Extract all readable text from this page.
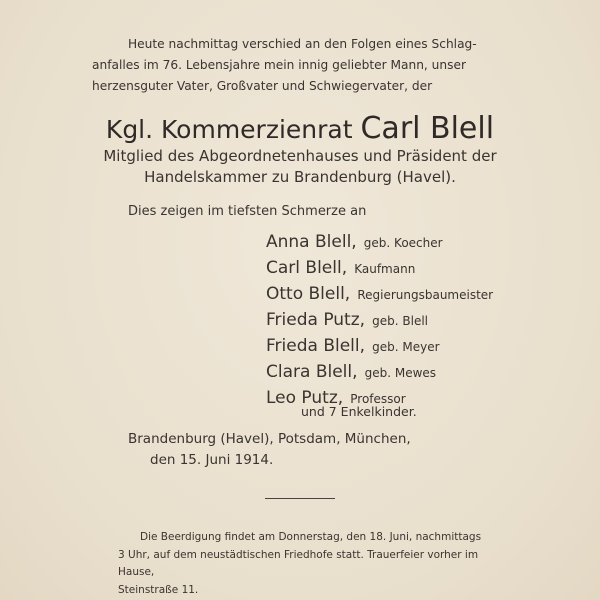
Heute nachmittag verschied an den Folgen eines Schlag-

anfalles im 76. Lebensjahre mein innig geliebter Mann, unser

herzensguter Vater, Großvater und Schwiegervater, der

Kgl. Kommerzienrat Carl Blell
Mitglied des Abgeordnetenhauses und Präsident der
Handelskammer zu Brandenburg (Havel).
Dies zeigen im tiefsten Schmerze an
Anna Blell, geb. Koecher
Carl Blell, Kaufmann
Otto Blell, Regierungsbaumeister
Frieda Putz, geb. Blell
Frieda Blell, geb. Meyer
Clara Blell, geb. Mewes
Leo Putz, Professor
und 7 Enkelkinder.
Brandenburg (Havel), Potsdam, München,
den 15. Juni 1914.
Die Beerdigung findet am Donnerstag, den 18. Juni, nachmittags
3 Uhr, auf dem neustädtischen Friedhofe statt. Trauerfeier vorher im Hause,
Steinstraße 11.
